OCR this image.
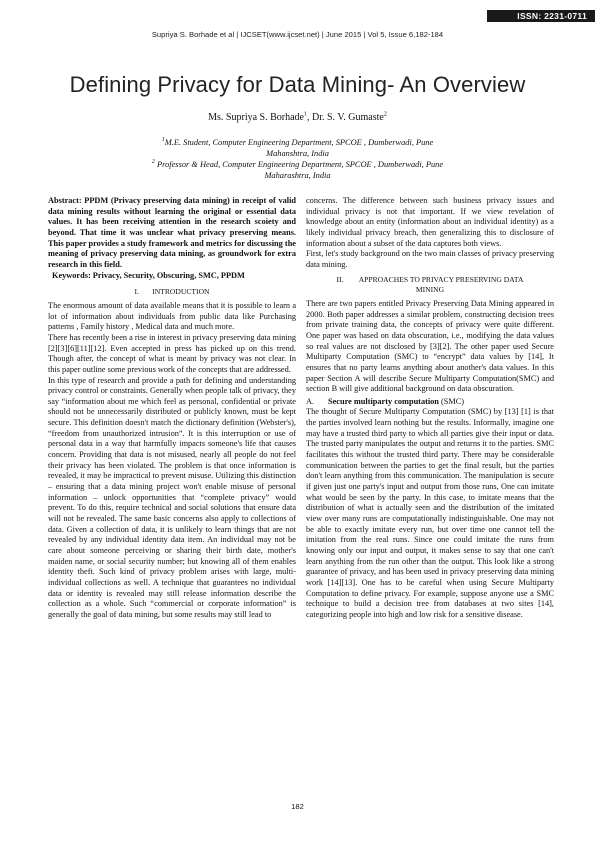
ISSN: 2231-0711
Supriya S. Borhade et al | IJCSET(www.ijcset.net) | June 2015 | Vol 5, Issue 6,182-184
Defining Privacy for Data Mining- An Overview
Ms. Supriya S. Borhade$^1$, Dr. S. V. Gumaste$^2$
$^1$M.E. Student, Computer Engineering Department, SPCOE , Dumberwadi, Pune
Mahanshtra, India
$^2$ Professor & Head, Computer Engineering Department, SPCOE , Dumberwadi, Pune
Maharashtra, India

Abstract: PPDM (Privacy preserving data mining) in receipt of valid data mining results without learning the original or essential data values. It has been receiving attention in the research scoiety and beyond. That time it was unclear what privacy preserving means. This paper provides a study framework and metrics for discussing the meaning of privacy preserving data mining, as groundwork for extra research in this field.

Keywords: Privacy, Security, Obscuring, SMC, PPDM

I. INTRODUCTION

The enormous amount of data available means that it is possible to learn a lot of information about individuals from public data like Purchasing patterns , Family history , Medical data and much more.

There has recently been a rise in interest in privacy preserving data mining [2][3][6][11][12]. Even accepted in press has picked up on this trend. Though after, the concept of what is meant by privacy was not clear. In this paper outline some previous work of the concepts that are addressed.

In this type of research and provide a path for defining and understanding privacy control or constraints. Generally when people talk of privacy, they say “information about me which feel as personal, confidential or private should not be unnecessarily distributed or publicly known, must be kept secure. This definition doesn't match the dictionary definition (Webster's), “freedom from unauthorized intrusion”. It is this interruption or use of personal data in a way that harmfully impacts someone's life that causes concern. Providing that data is not misused, nearly all people do not feel their privacy has been violated. The problem is that once information is revealed, it may be impractical to prevent misuse. Utilizing this distinction – ensuring that a data mining project won't enable misuse of personal information – unlock opportunities that “complete privacy” would prevent. To do this, require technical and social solutions that ensure data will not be revealed. The same basic concerns also apply to collections of data. Given a collection of data, it is unlikely to learn things that are not revealed by any individual identity data item. An individual may not be care about someone perceiving or sharing their birth date, mother's maiden name, or social security number; but knowing all of them enables identity theft. Such kind of privacy problem arises with large, multi-individual collections as well. A technique that guarantees no individual data or identity is revealed may still release information describe the collection as a whole. Such “commercial or corporate information” is generally the goal of data mining, but some results may still lead to

concerns. The difference between such business privacy issues and individual privacy is not that important. If we view revelation of knowledge about an entity (information about an individual identity) as a likely individual privacy breach, then generalizing this to disclosure of information about a subset of the data captures both views.

First, let's study background on the two main classes of privacy preserving data mining.

II. APPROACHES TO PRIVACY PRESERVING DATA
MINING

There are two papers entitled Privacy Preserving Data Mining appeared in 2000. Both paper addresses a similar problem, constructing decision trees from private training data, the concepts of privacy were quite different. One paper was based on data obscuration, i.e., modifying the data values so real values are not disclosed by [3][2]. The other paper used Secure Multiparty Computation (SMC) to “encrypt” data values by [14], It ensures that no party learns anything about another's data values. In this paper Section A will describe Secure Multiparty Computation(SMC) and section B will give additional background on data obscuration.

A. Secure multiparty computation (SMC)

The thought of Secure Multiparty Computation (SMC) by [13] [1] is that the parties involved learn nothing but the results. Informally, imagine one may have a trusted third party to which all parties give their input or data. The trusted party manipulates the output and returns it to the parties. SMC facilitates this without the trusted third party. There may be considerable communication between the parties to get the final result, but the parties don't learn anything from this communication. The manipulation is secure if given just one party's input and output from those runs, One can imitate what would be seen by the party. In this case, to imitate means that the distribution of what is actually seen and the distribution of the imitated view over many runs are computationally indistinguishable. One may not be able to exactly imitate every run, but over time one cannot tell the imitation from the real runs. Since one could imitate the runs from knowing only our input and output, it makes sense to say that one can't learn anything from the run other than the output. This look like a strong guarantee of privacy, and has been used in privacy preserving data mining work [14][13]. One has to be careful when using Secure Multiparty Computation to define privacy. For example, suppose anyone use a SMC technique to build a decision tree from databases at two sites [14], categorizing people into high and low risk for a sensitive disease.

182
